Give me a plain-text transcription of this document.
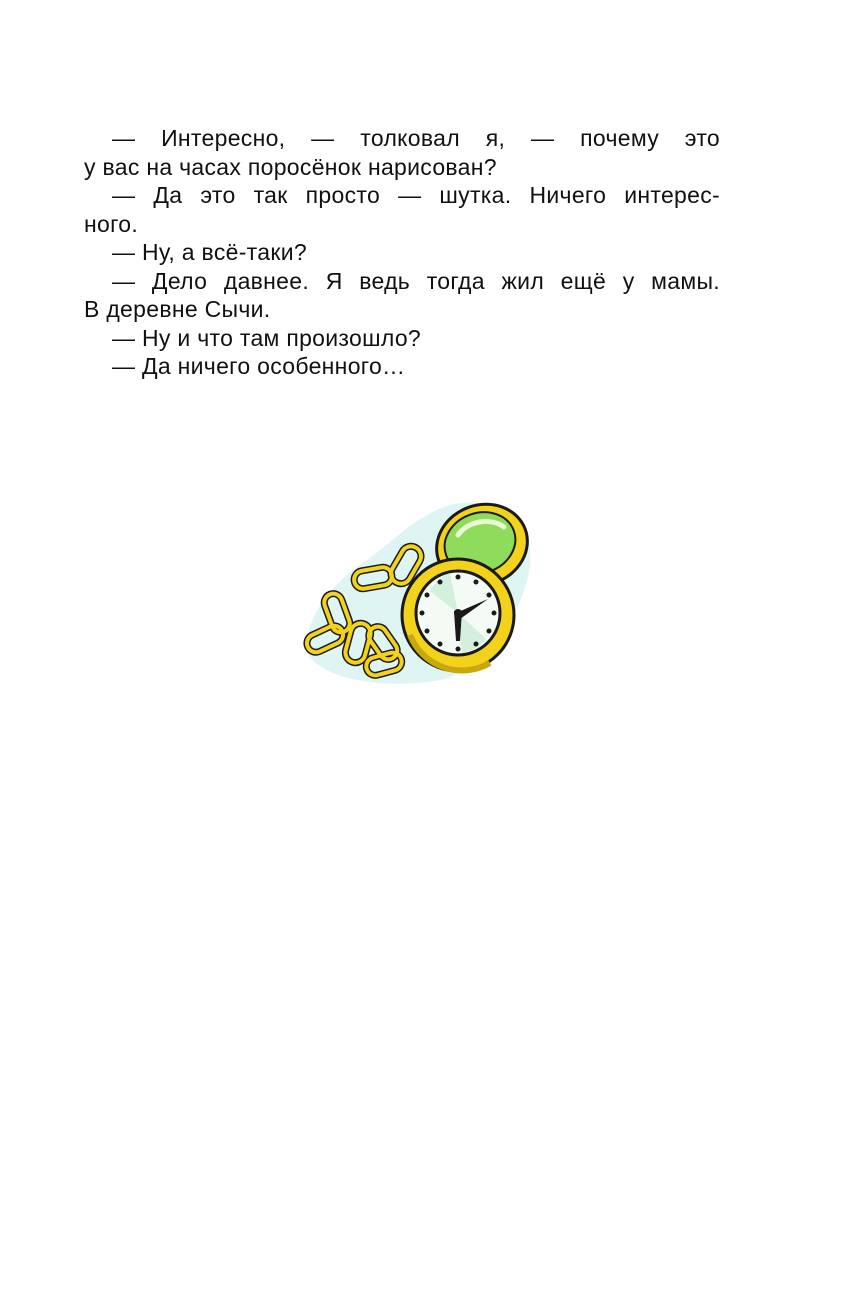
— Интересно, — толковал я, — почему это
у вас на часах поросёнок нарисован?
— Да это так просто — шутка. Ничего интерес-
ного.
— Ну, а всё-таки?
— Дело давнее. Я ведь тогда жил ещё у мамы.
В деревне Сычи.
— Ну и что там произошло?
— Да ничего особенного…
